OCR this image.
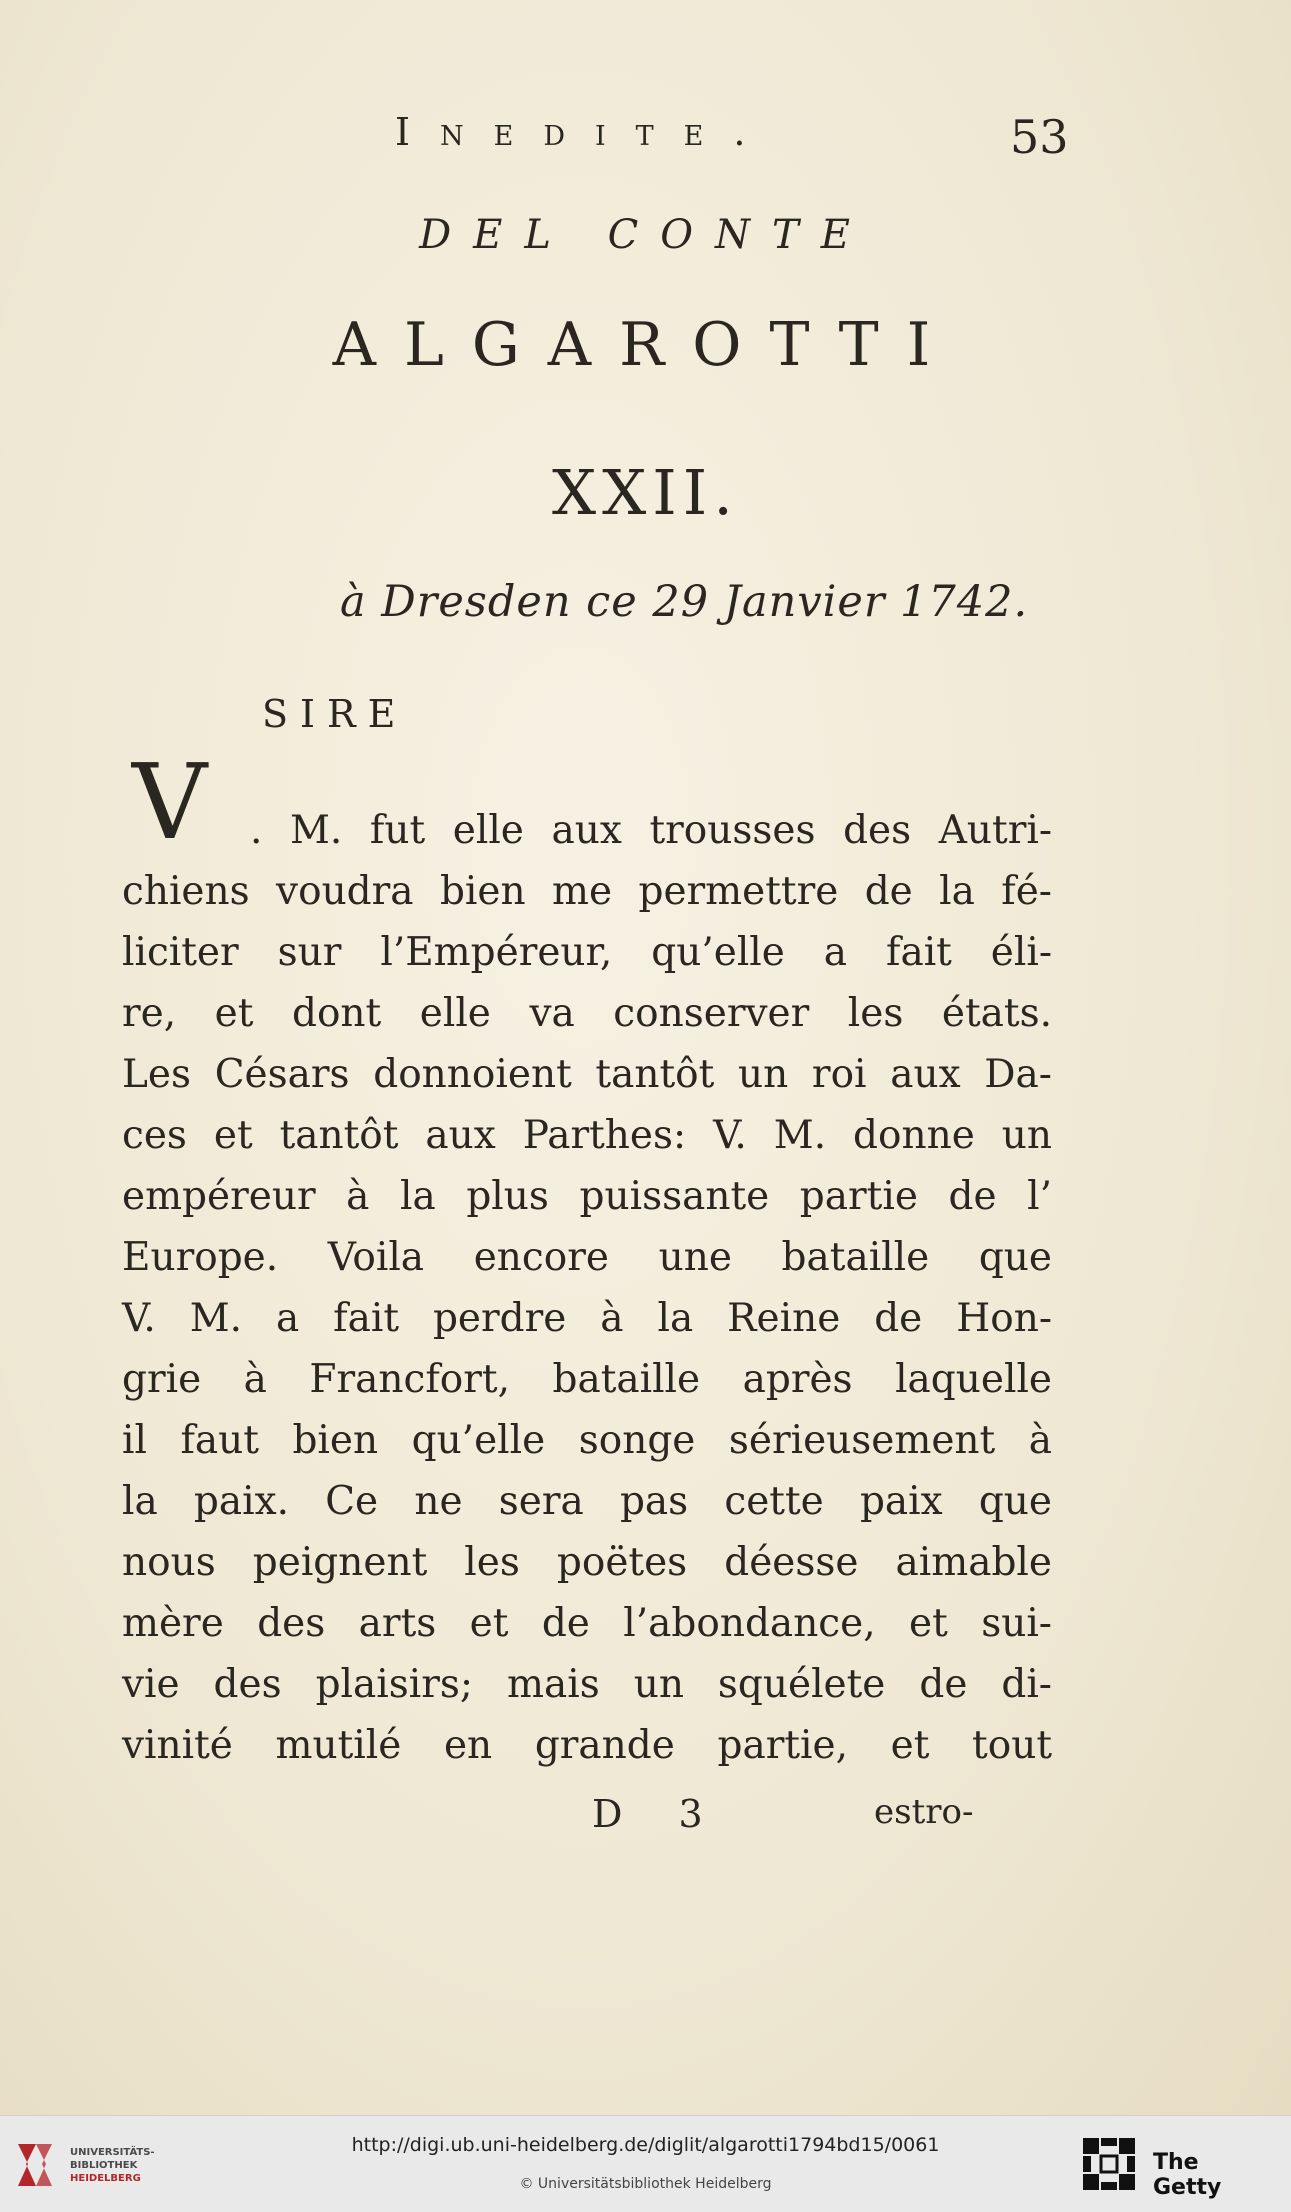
Inedite.	53
DEL CONTE
ALGAROTTI
XXII.
à Dresden ce 29 Janvier 1742.
SIRE
V . M. fut elle aux trousses des Autri-
chiens voudra bien me permettre de la fé-
liciter sur l’Empéreur, qu’elle a fait éli-
re, et dont elle va conserver les états.
Les Césars donnoient tantôt un roi aux Da-
ces et tantôt aux Parthes: V. M. donne un
empéreur à la plus puissante partie de l’
Europe. Voila encore une bataille que
V. M. a fait perdre à la Reine de Hon-
grie à Francfort, bataille après laquelle
il faut bien qu’elle songe sérieusement à
la paix. Ce ne sera pas cette paix que
nous peignent les poëtes déesse aimable
mère des arts et de l’abondance, et sui-
vie des plaisirs; mais un squélete de di-
vinité mutilé en grande partie, et tout
D 3	estro-
UNIVERSITÄTS-
BIBLIOTHEK
HEIDELBERG
http://digi.ub.uni-heidelberg.de/diglit/algarotti1794bd15/0061
© Universitätsbibliothek Heidelberg
The Getty
